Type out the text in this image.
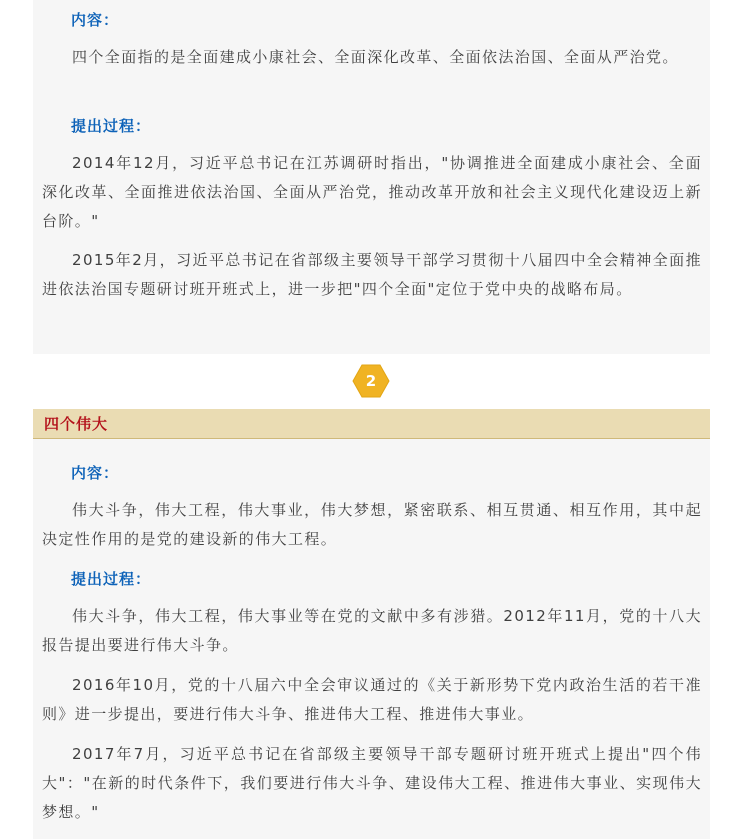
内容：

四个全面指的是全面建成小康社会、全面深化改革、全面依法治国、全面从严治党。

提出过程：

2014年12月，习近平总书记在江苏调研时指出，"协调推进全面建成小康社会、全面深化改革、全面推进依法治国、全面从严治党，推动改革开放和社会主义现代化建设迈上新台阶。"

2015年2月，习近平总书记在省部级主要领导干部学习贯彻十八届四中全会精神全面推进依法治国专题研讨班开班式上，进一步把"四个全面"定位于党中央的战略布局。

2
四个伟大
内容：

伟大斗争，伟大工程，伟大事业，伟大梦想，紧密联系、相互贯通、相互作用，其中起决定性作用的是党的建设新的伟大工程。

提出过程：

伟大斗争，伟大工程，伟大事业等在党的文献中多有涉猎。2012年11月，党的十八大报告提出要进行伟大斗争。

2016年10月，党的十八届六中全会审议通过的《关于新形势下党内政治生活的若干准则》进一步提出，要进行伟大斗争、推进伟大工程、推进伟大事业。

2017年7月，习近平总书记在省部级主要领导干部专题研讨班开班式上提出"四个伟大"："在新的时代条件下，我们要进行伟大斗争、建设伟大工程、推进伟大事业、实现伟大梦想。"
